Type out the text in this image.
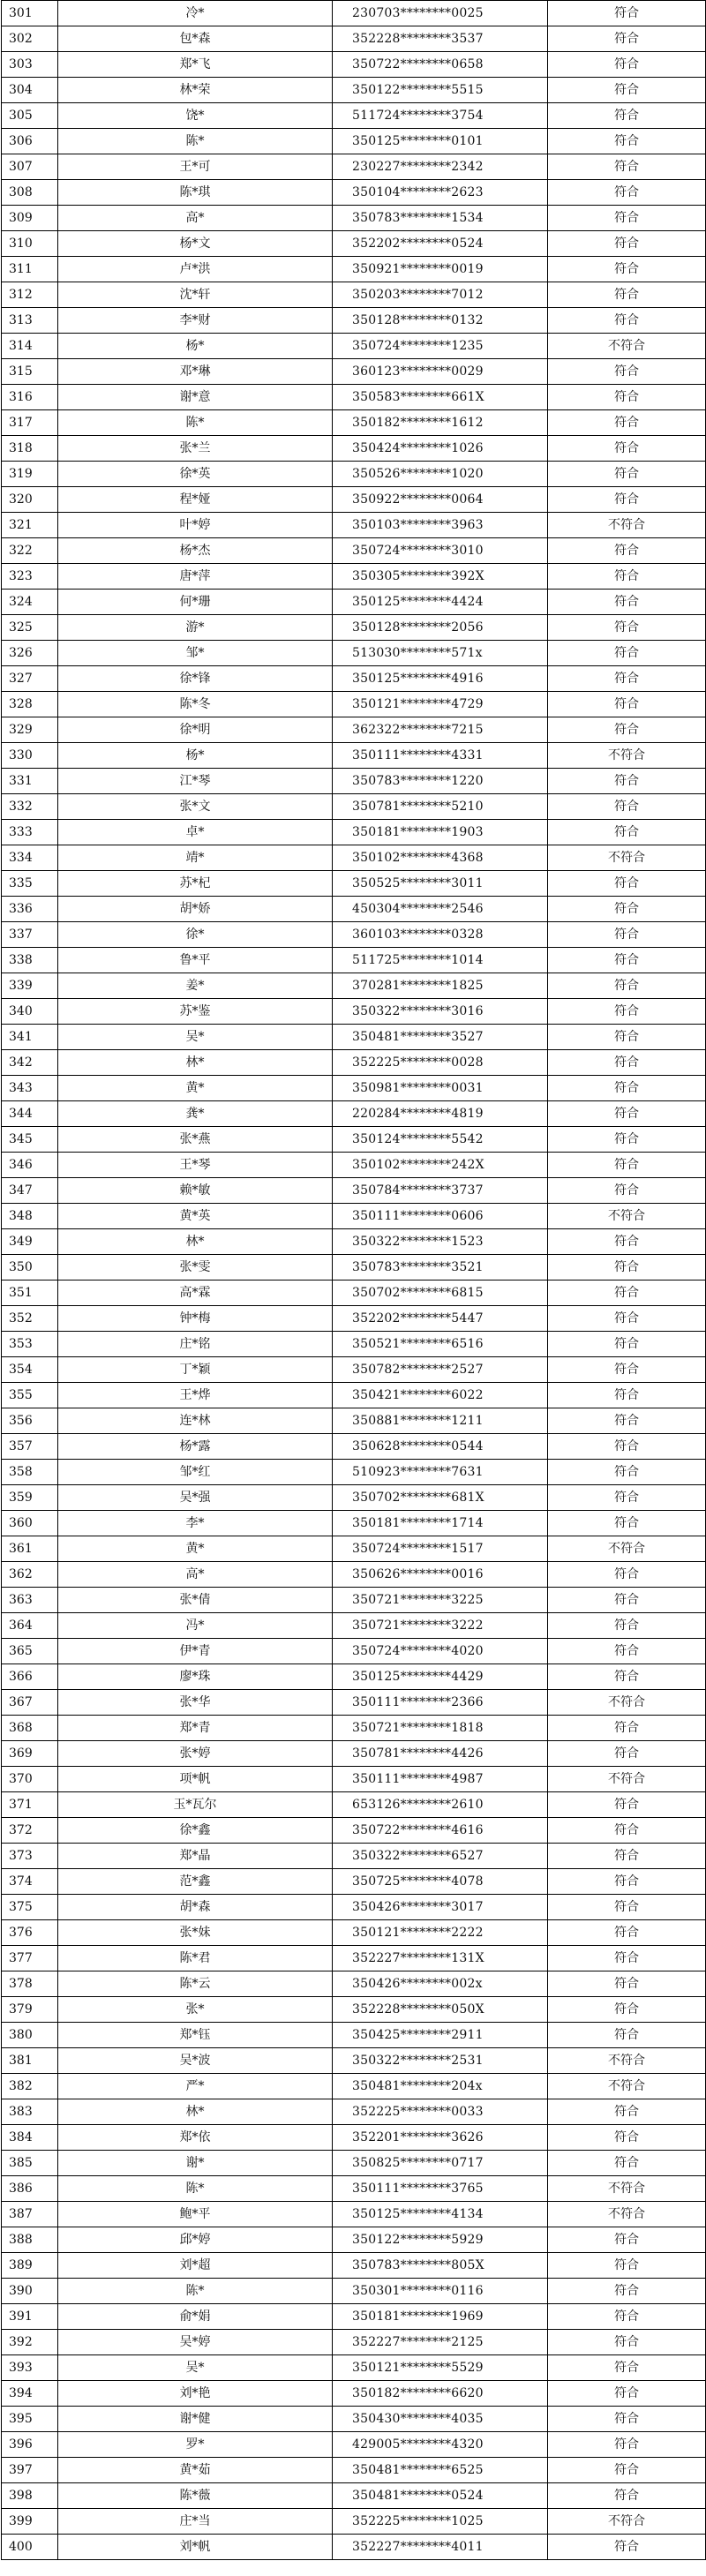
301	冷*	230703********0025	符合
302	包*森	352228********3537	符合
303	郑*飞	350722********0658	符合
304	林*荣	350122********5515	符合
305	饶*	511724********3754	符合
306	陈*	350125********0101	符合
307	王*可	230227********2342	符合
308	陈*琪	350104********2623	符合
309	高*	350783********1534	符合
310	杨*文	352202********0524	符合
311	卢*洪	350921********0019	符合
312	沈*轩	350203********7012	符合
313	李*财	350128********0132	符合
314	杨*	350724********1235	不符合
315	邓*琳	360123********0029	符合
316	谢*意	350583********661X	符合
317	陈*	350182********1612	符合
318	张*兰	350424********1026	符合
319	徐*英	350526********1020	符合
320	程*娅	350922********0064	符合
321	叶*婷	350103********3963	不符合
322	杨*杰	350724********3010	符合
323	唐*萍	350305********392X	符合
324	何*珊	350125********4424	符合
325	游*	350128********2056	符合
326	邹*	513030********571x	符合
327	徐*锋	350125********4916	符合
328	陈*冬	350121********4729	符合
329	徐*明	362322********7215	符合
330	杨*	350111********4331	不符合
331	江*琴	350783********1220	符合
332	张*文	350781********5210	符合
333	卓*	350181********1903	符合
334	靖*	350102********4368	不符合
335	苏*杞	350525********3011	符合
336	胡*娇	450304********2546	符合
337	徐*	360103********0328	符合
338	鲁*平	511725********1014	符合
339	姜*	370281********1825	符合
340	苏*鉴	350322********3016	符合
341	吴*	350481********3527	符合
342	林*	352225********0028	符合
343	黄*	350981********0031	符合
344	龚*	220284********4819	符合
345	张*燕	350124********5542	符合
346	王*琴	350102********242X	符合
347	赖*敏	350784********3737	符合
348	黄*英	350111********0606	不符合
349	林*	350322********1523	符合
350	张*雯	350783********3521	符合
351	高*霖	350702********6815	符合
352	钟*梅	352202********5447	符合
353	庄*铭	350521********6516	符合
354	丁*颖	350782********2527	符合
355	王*烨	350421********6022	符合
356	连*林	350881********1211	符合
357	杨*露	350628********0544	符合
358	邹*红	510923********7631	符合
359	吴*强	350702********681X	符合
360	李*	350181********1714	符合
361	黄*	350724********1517	不符合
362	高*	350626********0016	符合
363	张*倩	350721********3225	符合
364	冯*	350721********3222	符合
365	伊*青	350724********4020	符合
366	廖*珠	350125********4429	符合
367	张*华	350111********2366	不符合
368	郑*青	350721********1818	符合
369	张*婷	350781********4426	符合
370	项*帆	350111********4987	不符合
371	玉*瓦尔	653126********2610	符合
372	徐*鑫	350722********4616	符合
373	郑*晶	350322********6527	符合
374	范*鑫	350725********4078	符合
375	胡*森	350426********3017	符合
376	张*妹	350121********2222	符合
377	陈*君	352227********131X	符合
378	陈*云	350426********002x	符合
379	张*	352228********050X	符合
380	郑*钰	350425********2911	符合
381	吴*波	350322********2531	不符合
382	严*	350481********204x	不符合
383	林*	352225********0033	符合
384	郑*依	352201********3626	符合
385	谢*	350825********0717	符合
386	陈*	350111********3765	不符合
387	鲍*平	350125********4134	不符合
388	邱*婷	350122********5929	符合
389	刘*超	350783********805X	符合
390	陈*	350301********0116	符合
391	俞*娟	350181********1969	符合
392	吴*婷	352227********2125	符合
393	吴*	350121********5529	符合
394	刘*艳	350182********6620	符合
395	谢*健	350430********4035	符合
396	罗*	429005********4320	符合
397	黄*茹	350481********6525	符合
398	陈*薇	350481********0524	符合
399	庄*当	352225********1025	不符合
400	刘*帆	352227********4011	符合
